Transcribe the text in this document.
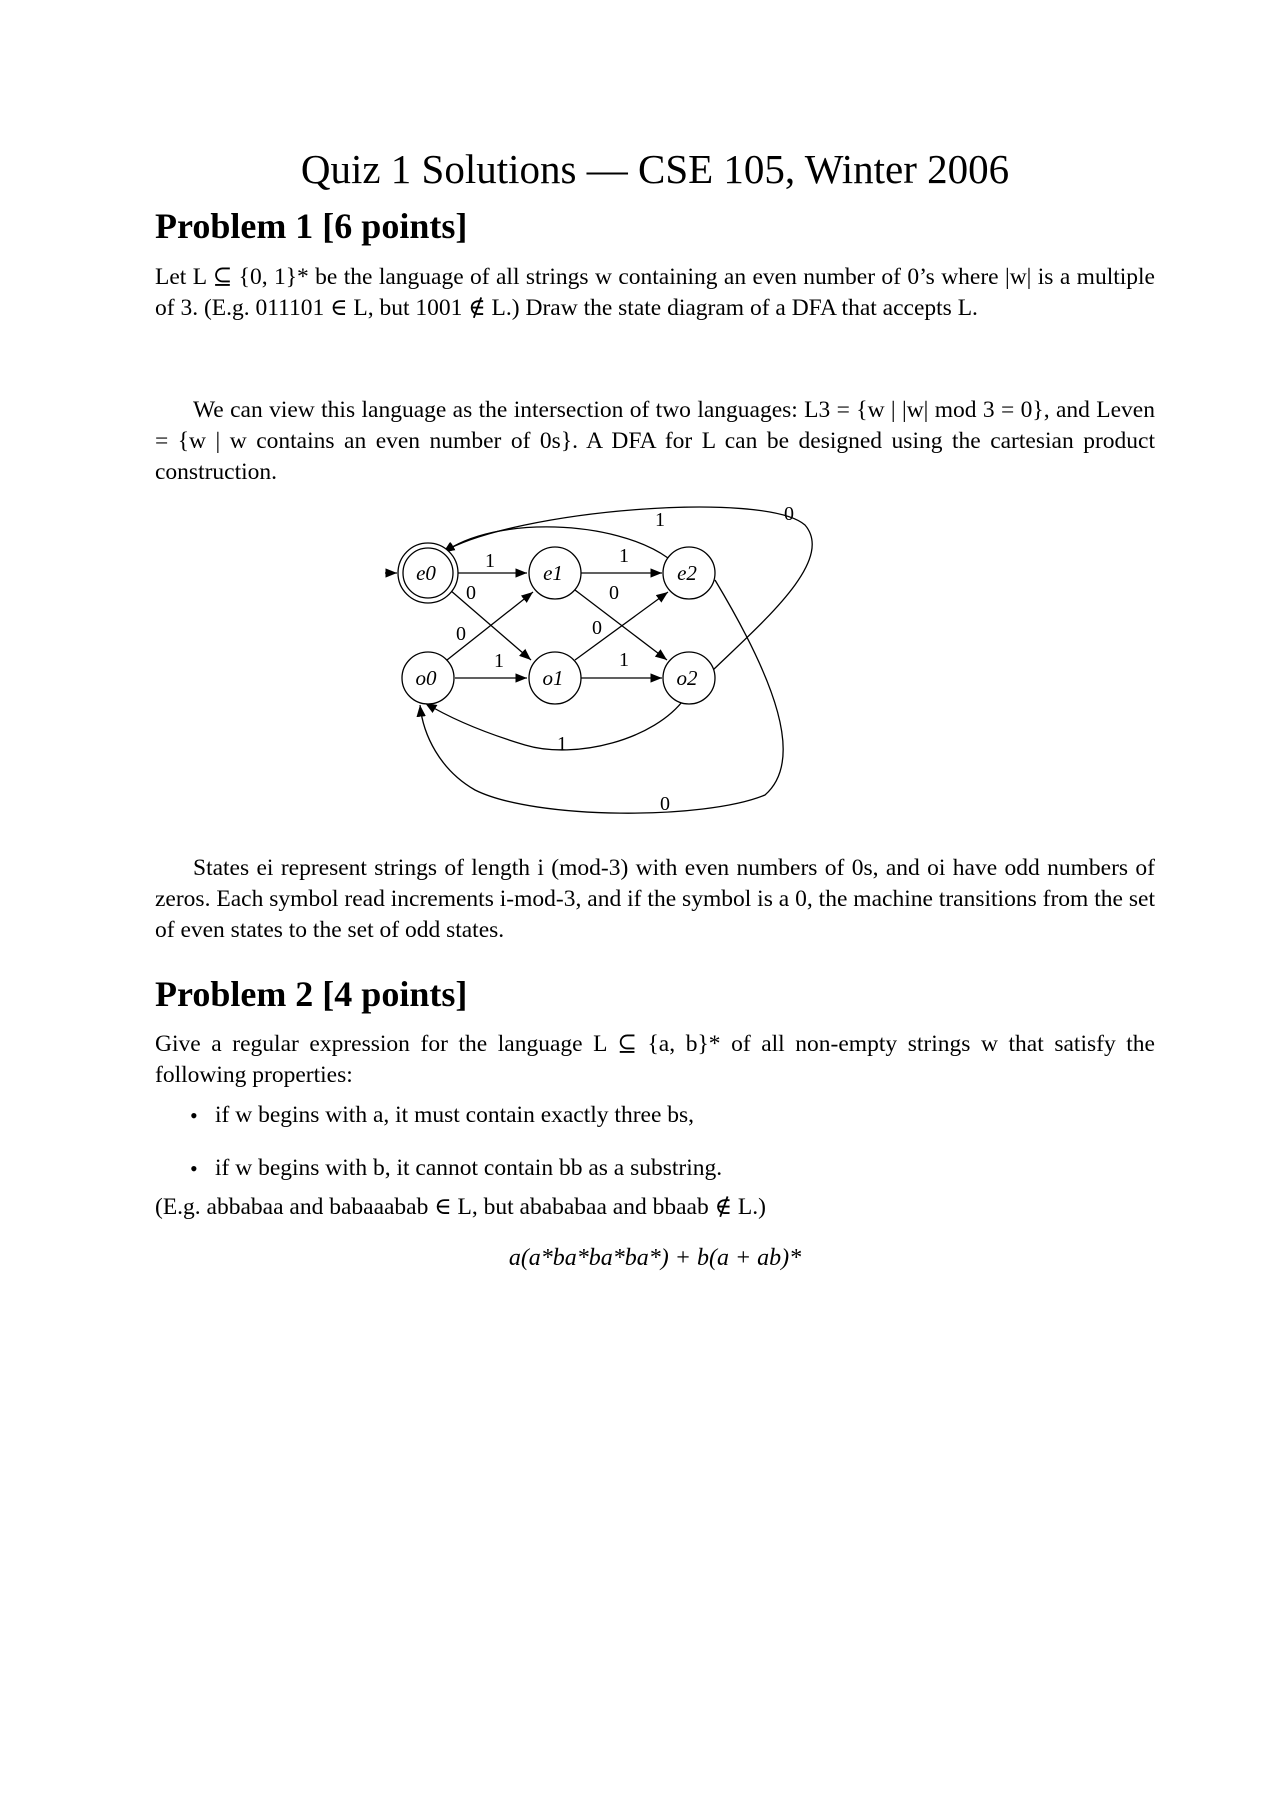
Quiz 1 Solutions — CSE 105, Winter 2006
Problem 1 [6 points]

Let L ⊆ {0, 1}* be the language of all strings w containing an even number of 0’s where |w| is a multiple of 3. (E.g. 011101 ∈ L, but 1001 ∉ L.) Draw the state diagram of a DFA that accepts L.

We can view this language as the intersection of two languages: L3 = {w | |w| mod 3 = 0}, and Leven = {w | w contains an even number of 0s}. A DFA for L can be designed using the cartesian product construction.

e0	e1	e2
o0	o1	o2
1	1
1
1	1
1
0
0
0
0
0
0

States ei represent strings of length i (mod-3) with even numbers of 0s, and oi have odd numbers of zeros. Each symbol read increments i-mod-3, and if the symbol is a 0, the machine transitions from the set of even states to the set of odd states.

Problem 2 [4 points]

Give a regular expression for the language L ⊆ {a, b}* of all non-empty strings w that satisfy the following properties:

• if w begins with a, it must contain exactly three bs,
• if w begins with b, it cannot contain bb as a substring.

(E.g. abbabaa and babaaabab ∈ L, but abababaa and bbaab ∉ L.)

a(a*ba*ba*ba*) + b(a + ab)*
